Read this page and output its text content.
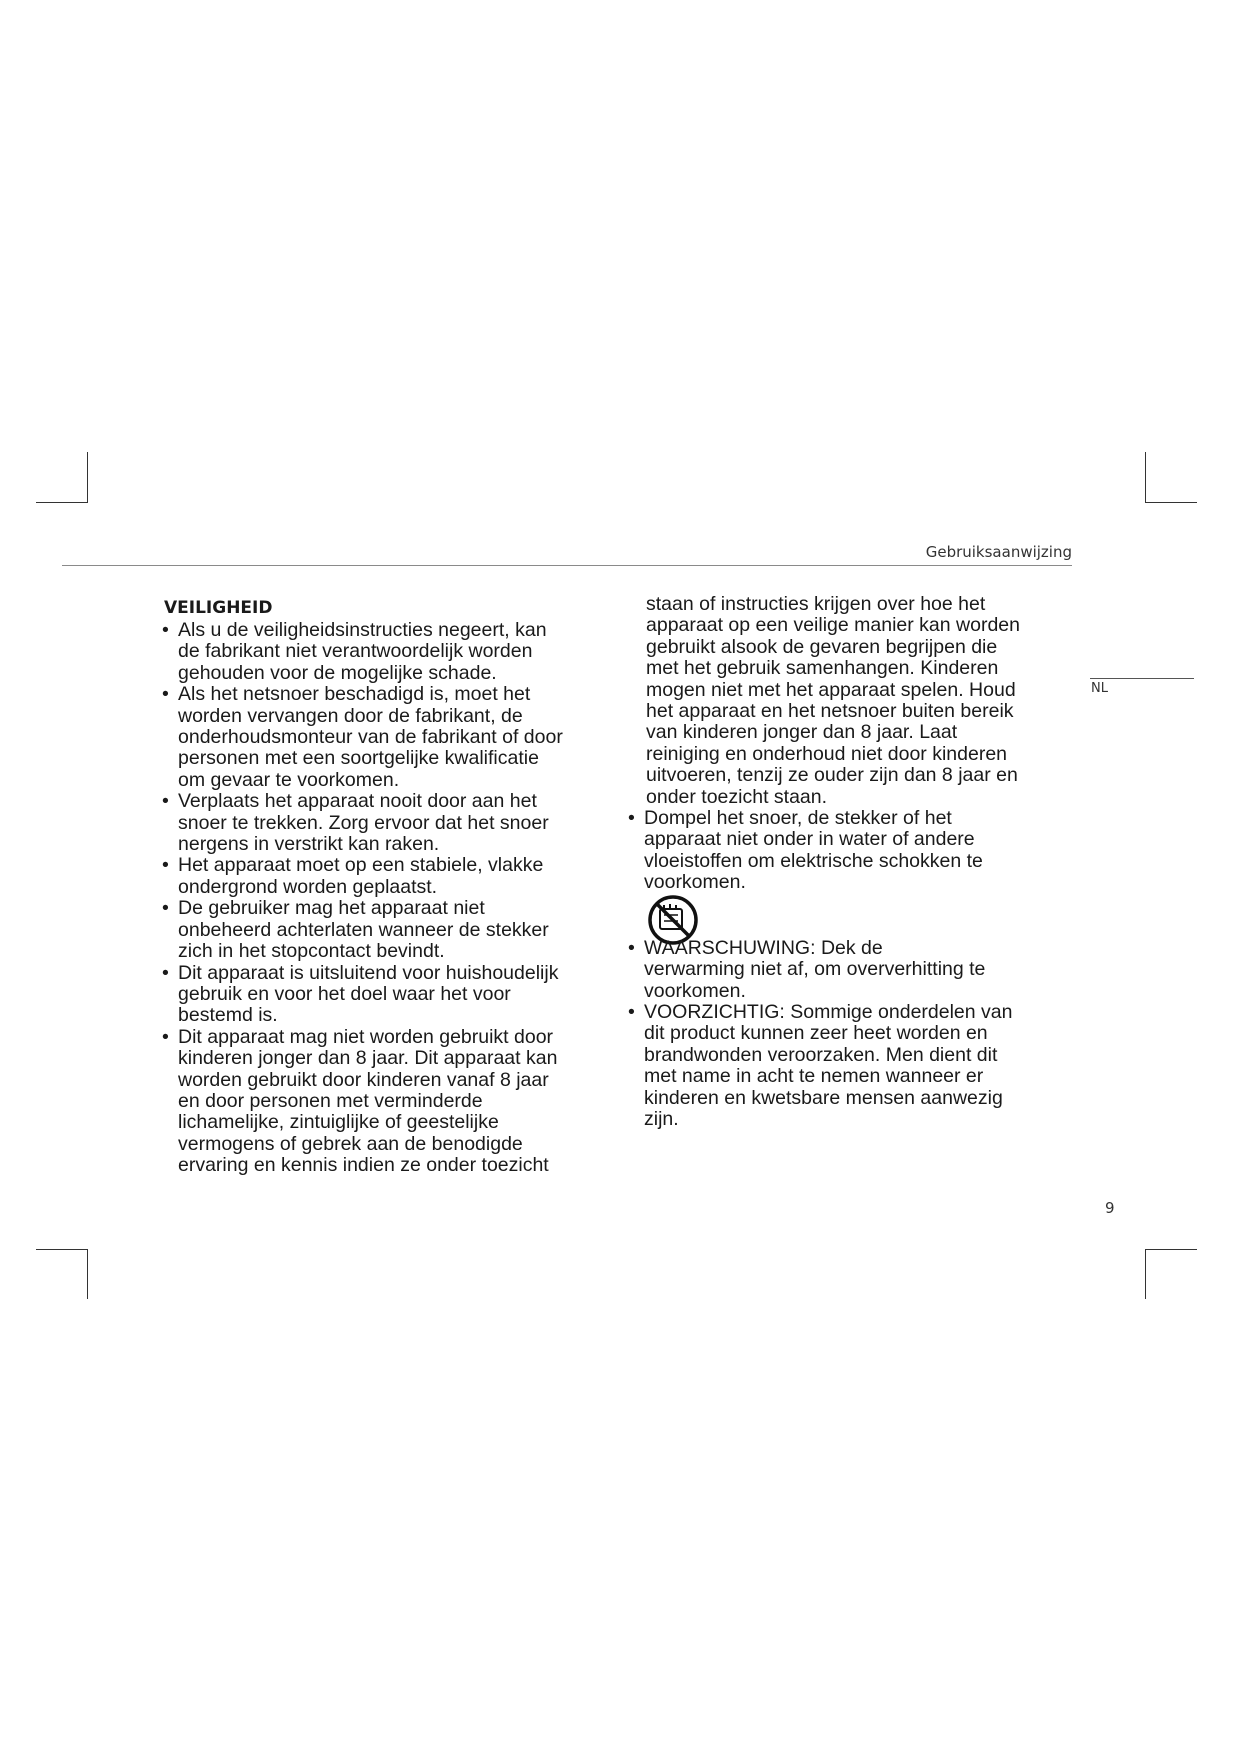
Gebruiksaanwijzing
NL
VEILIGHEID
• Als u de veiligheidsinstructies negeert, kan
de fabrikant niet verantwoordelijk worden
gehouden voor de mogelijke schade.
• Als het netsnoer beschadigd is, moet het
worden vervangen door de fabrikant, de
onderhoudsmonteur van de fabrikant of door
personen met een soortgelijke kwalificatie
om gevaar te voorkomen.
• Verplaats het apparaat nooit door aan het
snoer te trekken. Zorg ervoor dat het snoer
nergens in verstrikt kan raken.
• Het apparaat moet op een stabiele, vlakke
ondergrond worden geplaatst.
• De gebruiker mag het apparaat niet
onbeheerd achterlaten wanneer de stekker
zich in het stopcontact bevindt.
• Dit apparaat is uitsluitend voor huishoudelijk
gebruik en voor het doel waar het voor
bestemd is.
• Dit apparaat mag niet worden gebruikt door
kinderen jonger dan 8 jaar. Dit apparaat kan
worden gebruikt door kinderen vanaf 8 jaar
en door personen met verminderde
lichamelijke, zintuiglijke of geestelijke
vermogens of gebrek aan de benodigde
ervaring en kennis indien ze onder toezicht
staan of instructies krijgen over hoe het
apparaat op een veilige manier kan worden
gebruikt alsook de gevaren begrijpen die
met het gebruik samenhangen. Kinderen
mogen niet met het apparaat spelen. Houd
het apparaat en het netsnoer buiten bereik
van kinderen jonger dan 8 jaar. Laat
reiniging en onderhoud niet door kinderen
uitvoeren, tenzij ze ouder zijn dan 8 jaar en
onder toezicht staan.
• Dompel het snoer, de stekker of het
apparaat niet onder in water of andere
vloeistoffen om elektrische schokken te
voorkomen.
• WAARSCHUWING: Dek de
verwarming niet af, om oververhitting te
voorkomen.
• VOORZICHTIG: Sommige onderdelen van
dit product kunnen zeer heet worden en
brandwonden veroorzaken. Men dient dit
met name in acht te nemen wanneer er
kinderen en kwetsbare mensen aanwezig
zijn.
9
